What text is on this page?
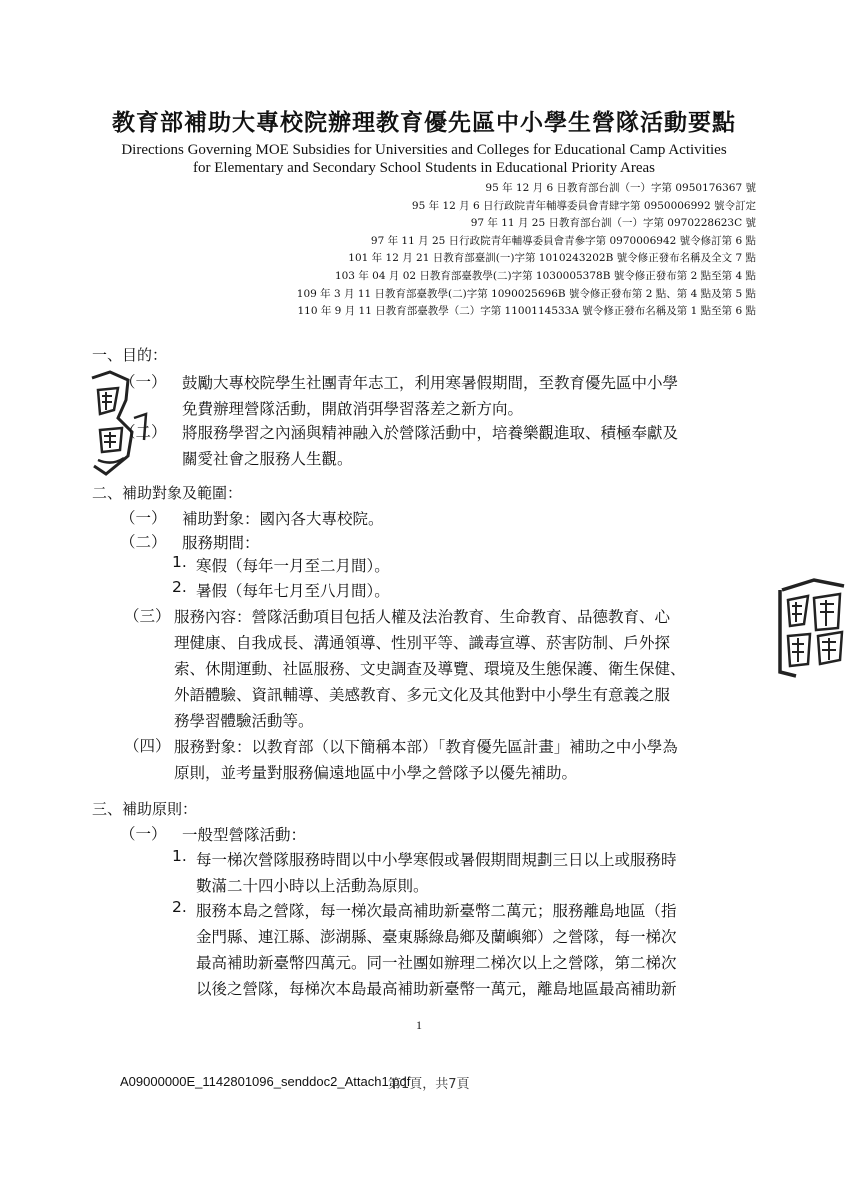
教育部補助大專校院辦理教育優先區中小學生營隊活動要點
Directions Governing MOE Subsidies for Universities and Colleges for Educational Camp Activities
for Elementary and Secondary School Students in Educational Priority Areas
95 年 12 月 6 日教育部台訓（一）字第 0950176367 號
95 年 12 月 6 日行政院青年輔導委員會青肆字第 0950006992 號令訂定
97 年 11 月 25 日教育部台訓（一）字第 0970228623C 號
97 年 11 月 25 日行政院青年輔導委員會青參字第 0970006942 號令修訂第 6 點
101 年 12 月 21 日教育部臺訓(一)字第 1010243202B 號令修正發布名稱及全文 7 點
103 年 04 月 02 日教育部臺教學(二)字第 1030005378B 號令修正發布第 2 點至第 4 點
109 年 3 月 11 日教育部臺教學(二)字第 1090025696B 號令修正發布第 2 點、第 4 點及第 5 點
110 年 9 月 11 日教育部臺教學（二）字第 1100114533A 號令修正發布名稱及第 1 點至第 6 點
一、目的：
（一） 鼓勵大專校院學生社團青年志工，利用寒暑假期間，至教育優先區中小學
免費辦理營隊活動，開啟消弭學習落差之新方向。
（二） 將服務學習之內涵與精神融入於營隊活動中，培養樂觀進取、積極奉獻及
關愛社會之服務人生觀。
二、補助對象及範圍：
（一） 補助對象：國內各大專校院。
（二） 服務期間：
1. 寒假（每年一月至二月間）。
2. 暑假（每年七月至八月間）。
（三） 服務內容：營隊活動項目包括人權及法治教育、生命教育、品德教育、心
理健康、自我成長、溝通領導、性別平等、識毒宣導、菸害防制、戶外探
索、休閒運動、社區服務、文史調查及導覽、環境及生態保護、衛生保健、
外語體驗、資訊輔導、美感教育、多元文化及其他對中小學生有意義之服
務學習體驗活動等。
（四） 服務對象：以教育部（以下簡稱本部）「教育優先區計畫」補助之中小學為
原則，並考量對服務偏遠地區中小學之營隊予以優先補助。
三、補助原則：
（一） 一般型營隊活動：
1. 每一梯次營隊服務時間以中小學寒假或暑假期間規劃三日以上或服務時
數滿二十四小時以上活動為原則。
2. 服務本島之營隊，每一梯次最高補助新臺幣二萬元；服務離島地區（指
金門縣、連江縣、澎湖縣、臺東縣綠島鄉及蘭嶼鄉）之營隊，每一梯次
最高補助新臺幣四萬元。同一社團如辦理二梯次以上之營隊，第二梯次
以後之營隊，每梯次本島最高補助新臺幣一萬元，離島地區最高補助新
1
A09000000E_1142801096_senddoc2_Attach1.pdf
第1頁，共7頁
